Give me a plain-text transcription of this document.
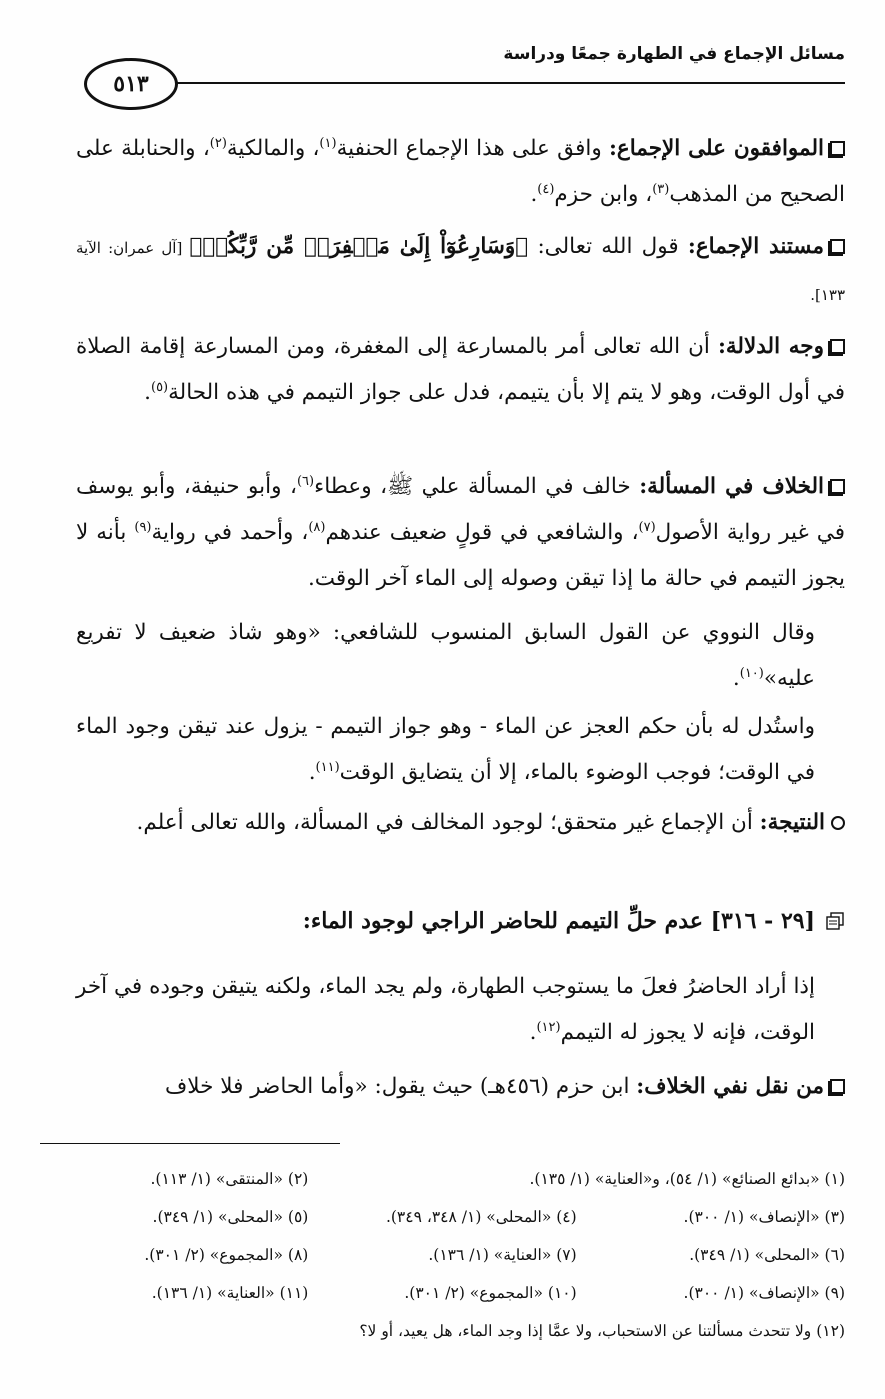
مسائل الإجماع في الطهارة جمعًا ودراسة
٥١٣
الموافقون على الإجماع: وافق على هذا الإجماع الحنفية$^{(١)}$، والمالكية$^{(٢)}$، والحنابلة على الصحيح من المذهب$^{(٣)}$، وابن حزم$^{(٤)}$.
مستند الإجماع: قول الله تعالى: ﴿وَسَارِعُوٓاْ إِلَىٰ مَغۡفِرَةٖ مِّن رَّبِّكُمۡ﴾ [آل عمران: الآية ١٣٣].
وجه الدلالة: أن الله تعالى أمر بالمسارعة إلى المغفرة، ومن المسارعة إقامة الصلاة في أول الوقت، وهو لا يتم إلا بأن يتيمم، فدل على جواز التيمم في هذه الحالة$^{(٥)}$.
الخلاف في المسألة: خالف في المسألة علي ﷺ، وعطاء$^{(٦)}$، وأبو حنيفة، وأبو يوسف في غير رواية الأصول$^{(٧)}$، والشافعي في قولٍ ضعيف عندهم$^{(٨)}$، وأحمد في رواية$^{(٩)}$ بأنه لا يجوز التيمم في حالة ما إذا تيقن وصوله إلى الماء آخر الوقت.
وقال النووي عن القول السابق المنسوب للشافعي: «وهو شاذ ضعيف لا تفريع عليه»$^{(١٠)}$.
واستُدل له بأن حكم العجز عن الماء - وهو جواز التيمم - يزول عند تيقن وجود الماء في الوقت؛ فوجب الوضوء بالماء، إلا أن يتضايق الوقت$^{(١١)}$.
النتيجة: أن الإجماع غير متحقق؛ لوجود المخالف في المسألة، والله تعالى أعلم.
[٢٩ - ٣١٦] عدم حلِّ التيمم للحاضر الراجي لوجود الماء:
إذا أراد الحاضرُ فعلَ ما يستوجب الطهارة، ولم يجد الماء، ولكنه يتيقن وجوده في آخر الوقت، فإنه لا يجوز له التيمم$^{(١٢)}$.
من نقل نفي الخلاف: ابن حزم (٤٥٦هـ) حيث يقول: «وأما الحاضر فلا خلاف
(١) «بدائع الصنائع» (١/ ٥٤)، و«العناية» (١/ ١٣٥).
(٢) «المنتقى» (١/ ١١٣).
(٣) «الإنصاف» (١/ ٣٠٠).
(٤) «المحلى» (١/ ٣٤٨، ٣٤٩).
(٥) «المحلى» (١/ ٣٤٩).
(٦) «المحلى» (١/ ٣٤٩).
(٧) «العناية» (١/ ١٣٦).
(٨) «المجموع» (٢/ ٣٠١).
(٩) «الإنصاف» (١/ ٣٠٠).
(١٠) «المجموع» (٢/ ٣٠١).
(١١) «العناية» (١/ ١٣٦).
(١٢) ولا تتحدث مسألتنا عن الاستحباب، ولا عمَّا إذا وجد الماء، هل يعيد، أو لا؟
